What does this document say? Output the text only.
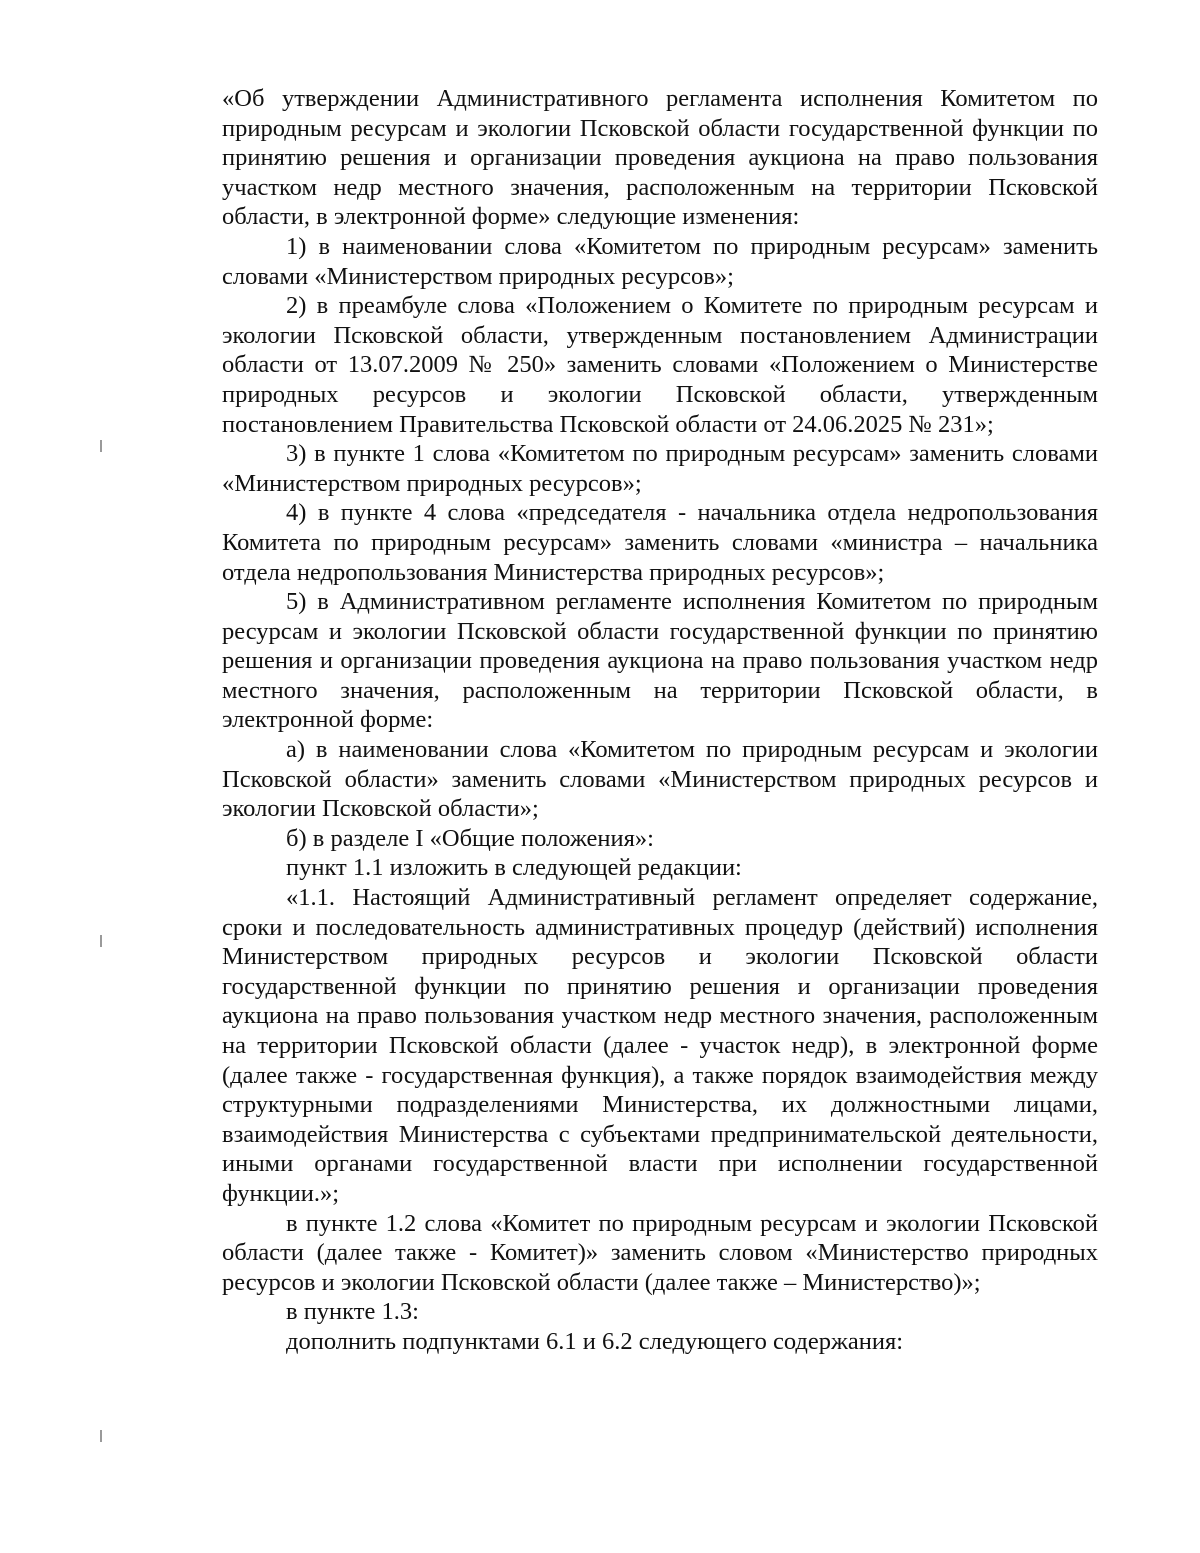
«Об утверждении Административного регламента исполнения Комитетом по природным ресурсам и экологии Псковской области государственной функции по принятию решения и организации проведения аукциона на право пользования участком недр местного значения, расположенным на территории Псковской области, в электронной форме» следующие изменения:

1) в наименовании слова «Комитетом по природным ресурсам» заменить словами «Министерством природных ресурсов»;

2) в преамбуле слова «Положением о Комитете по природным ресурсам и экологии Псковской области, утвержденным постановлением Администрации области от 13.07.2009 № 250» заменить словами «Положением о Министерстве природных ресурсов и экологии Псковской области, утвержденным постановлением Правительства Псковской области от 24.06.2025 № 231»;

3) в пункте 1 слова «Комитетом по природным ресурсам» заменить словами «Министерством природных ресурсов»;

4) в пункте 4 слова «председателя - начальника отдела недропользования Комитета по природным ресурсам» заменить словами «министра – начальника отдела недропользования Министерства природных ресурсов»;

5) в Административном регламенте исполнения Комитетом по природным ресурсам и экологии Псковской области государственной функции по принятию решения и организации проведения аукциона на право пользования участком недр местного значения, расположенным на территории Псковской области, в электронной форме:

а) в наименовании слова «Комитетом по природным ресурсам и экологии Псковской области» заменить словами «Министерством природных ресурсов и экологии Псковской области»;

б) в разделе I «Общие положения»:

пункт 1.1 изложить в следующей редакции:

«1.1. Настоящий Административный регламент определяет содержание, сроки и последовательность административных процедур (действий) исполнения Министерством природных ресурсов и экологии Псковской области государственной функции по принятию решения и организации проведения аукциона на право пользования участком недр местного значения, расположенным на территории Псковской области (далее - участок недр), в электронной форме (далее также - государственная функция), а также порядок взаимодействия между структурными подразделениями Министерства, их должностными лицами, взаимодействия Министерства с субъектами предпринимательской деятельности, иными органами государственной власти при исполнении государственной функции.»;

в пункте 1.2 слова «Комитет по природным ресурсам и экологии Псковской области (далее также - Комитет)» заменить словом «Министерство природных ресурсов и экологии Псковской области (далее также – Министерство)»;

в пункте 1.3:

дополнить подпунктами 6.1 и 6.2 следующего содержания:
